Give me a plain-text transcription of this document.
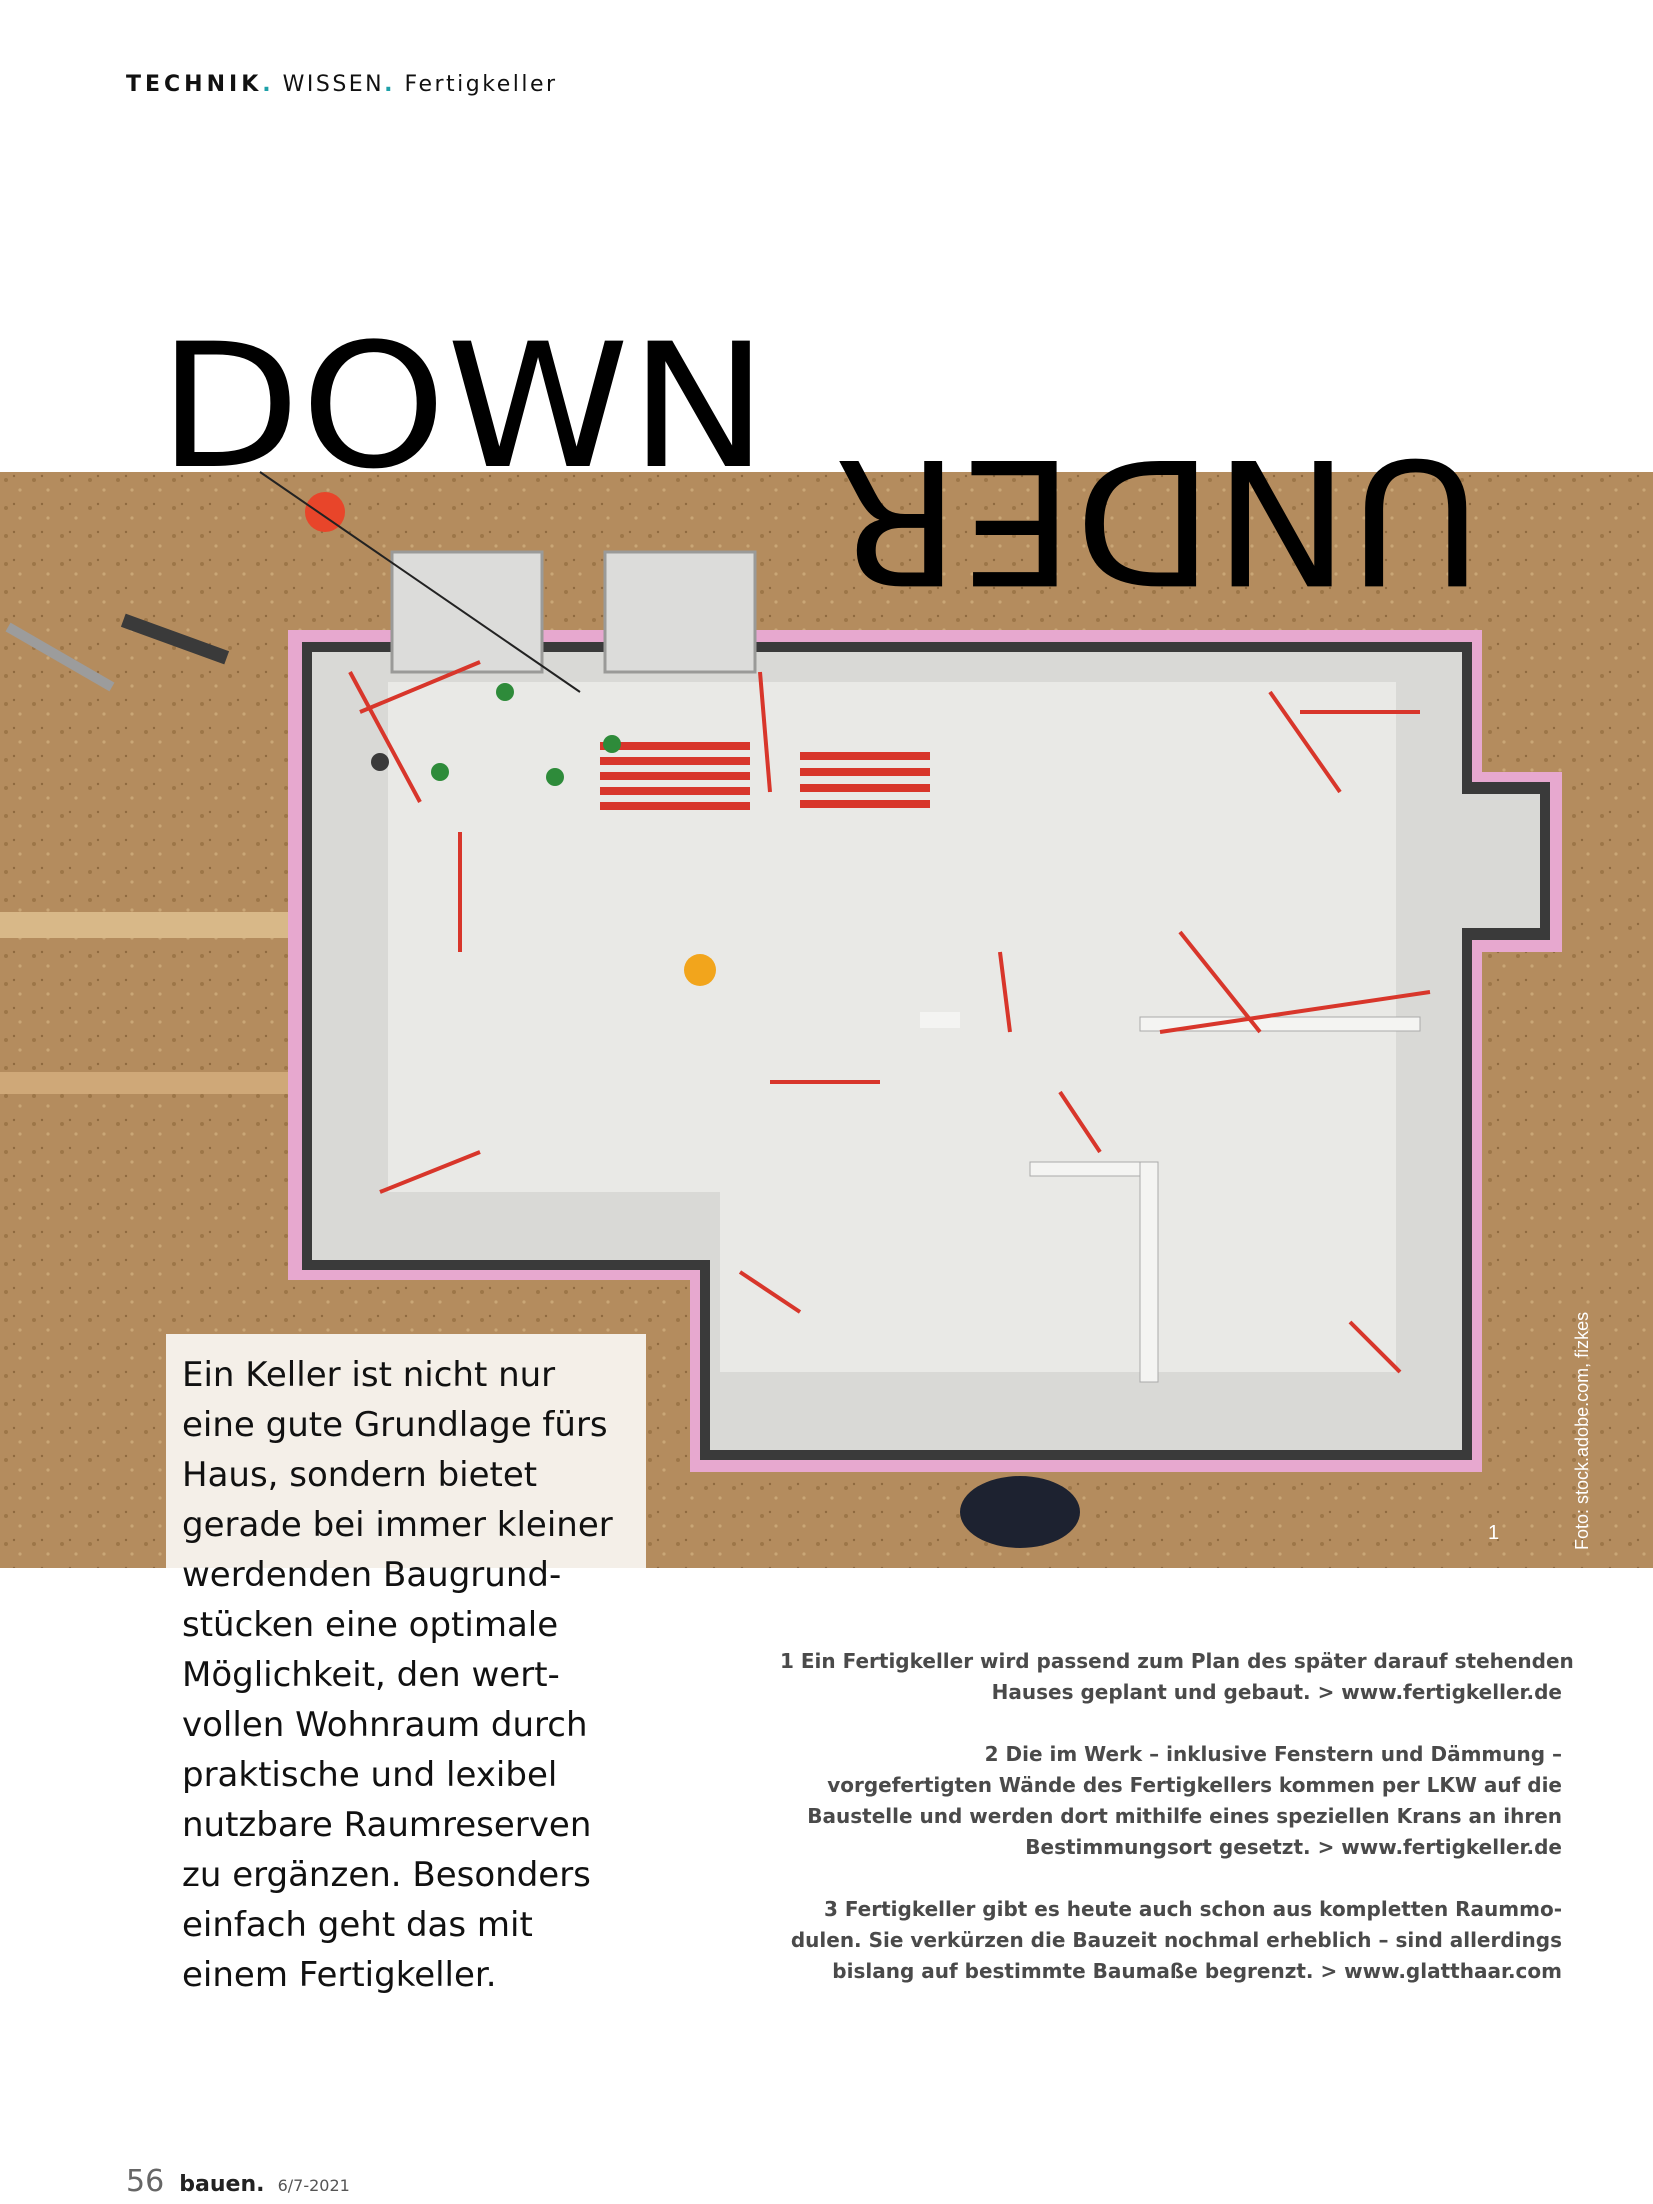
TECHNIK. WISSEN. Fertigkeller
DOWN
UNDER
1	Foto: stock.adobe.com, fizkes
Ein Keller ist nicht nur
eine gute Grundlage fürs
Haus, sondern bietet
gerade bei immer kleiner
werdenden Baugrund-
stücken eine optimale
Möglichkeit, den wert-
vollen Wohnraum durch
praktische und lexibel
nutzbare Raumreserven
zu ergänzen. Besonders
einfach geht das mit
einem Fertigkeller.

1 Ein Fertigkeller wird passend zum Plan des später darauf stehenden
Hauses geplant und gebaut. > www.fertigkeller.de

2 Die im Werk – inklusive Fenstern und Dämmung –
vorgefertigten Wände des Fertigkellers kommen per LKW auf die
Baustelle und werden dort mithilfe eines speziellen Krans an ihren
Bestimmungsort gesetzt. > www.fertigkeller.de

3 Fertigkeller gibt es heute auch schon aus kompletten Raummo-
dulen. Sie verkürzen die Bauzeit nochmal erheblich – sind allerdings
bislang auf bestimmte Baumaße begrenzt. > www.glatthaar.com

56 bauen. 6/7-2021
